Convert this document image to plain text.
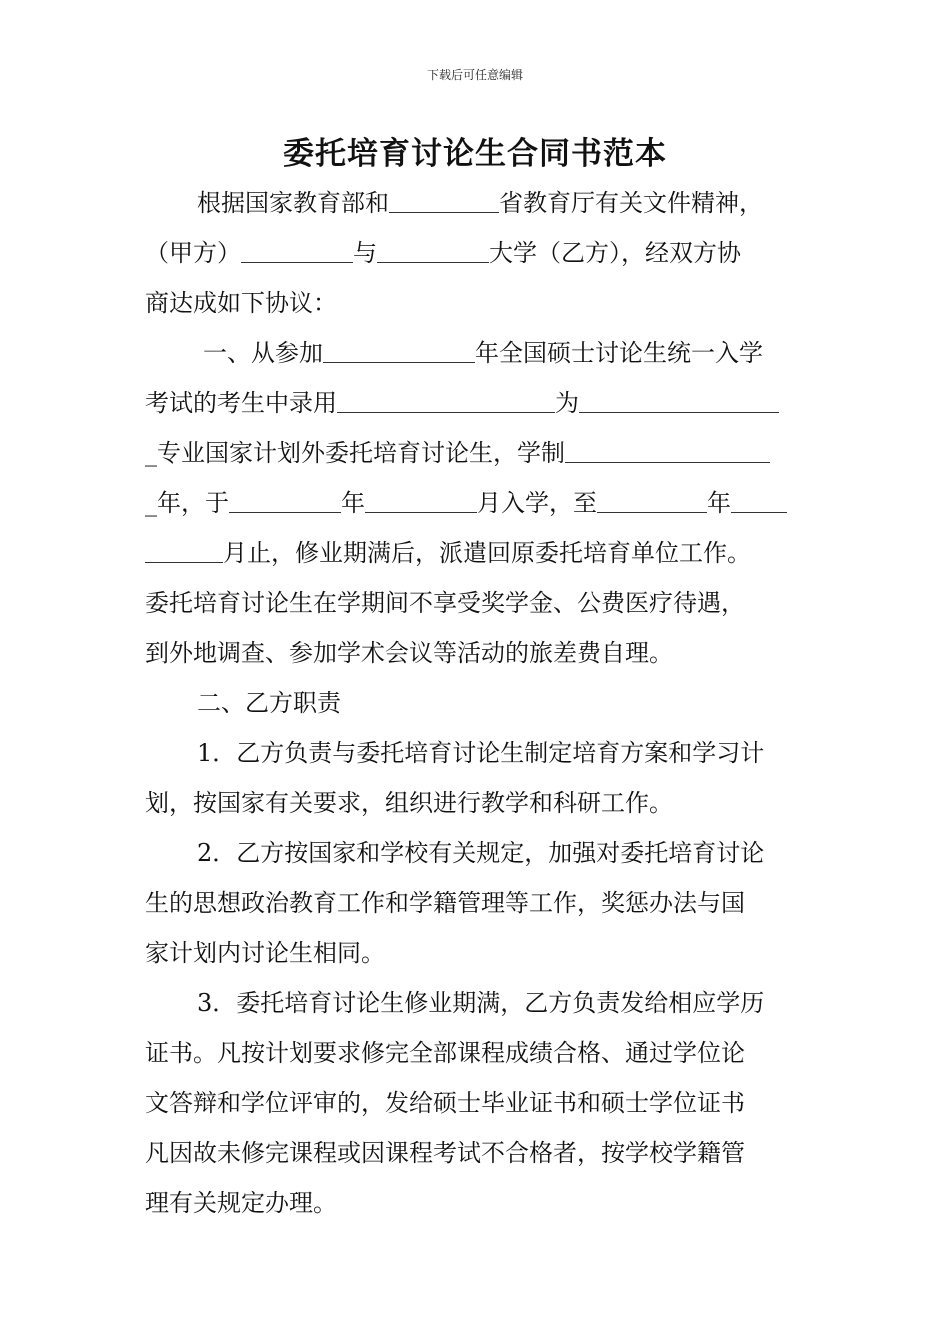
下载后可任意编辑
委托培育讨论生合同书范本
根据国家教育部和	省教育厅有关文件精神，
（甲方）	与	大学（乙方），经双方协
商达成如下协议：
一、从参加	年全国硕士讨论生统一入学
考试的考生中录用	为
_专业国家计划外委托培育讨论生，学制
_年，于	年	月入学，至	年
月止，修业期满后，派遣回原委托培育单位工作。
委托培育讨论生在学期间不享受奖学金、公费医疗待遇，
到外地调查、参加学术会议等活动的旅差费自理。
二、乙方职责
1．乙方负责与委托培育讨论生制定培育方案和学习计
划，按国家有关要求，组织进行教学和科研工作。
2．乙方按国家和学校有关规定，加强对委托培育讨论
生的思想政治教育工作和学籍管理等工作，奖惩办法与国
家计划内讨论生相同。
3．委托培育讨论生修业期满，乙方负责发给相应学历
证书。凡按计划要求修完全部课程成绩合格、通过学位论
文答辩和学位评审的，发给硕士毕业证书和硕士学位证书
凡因故未修完课程或因课程考试不合格者，按学校学籍管
理有关规定办理。
